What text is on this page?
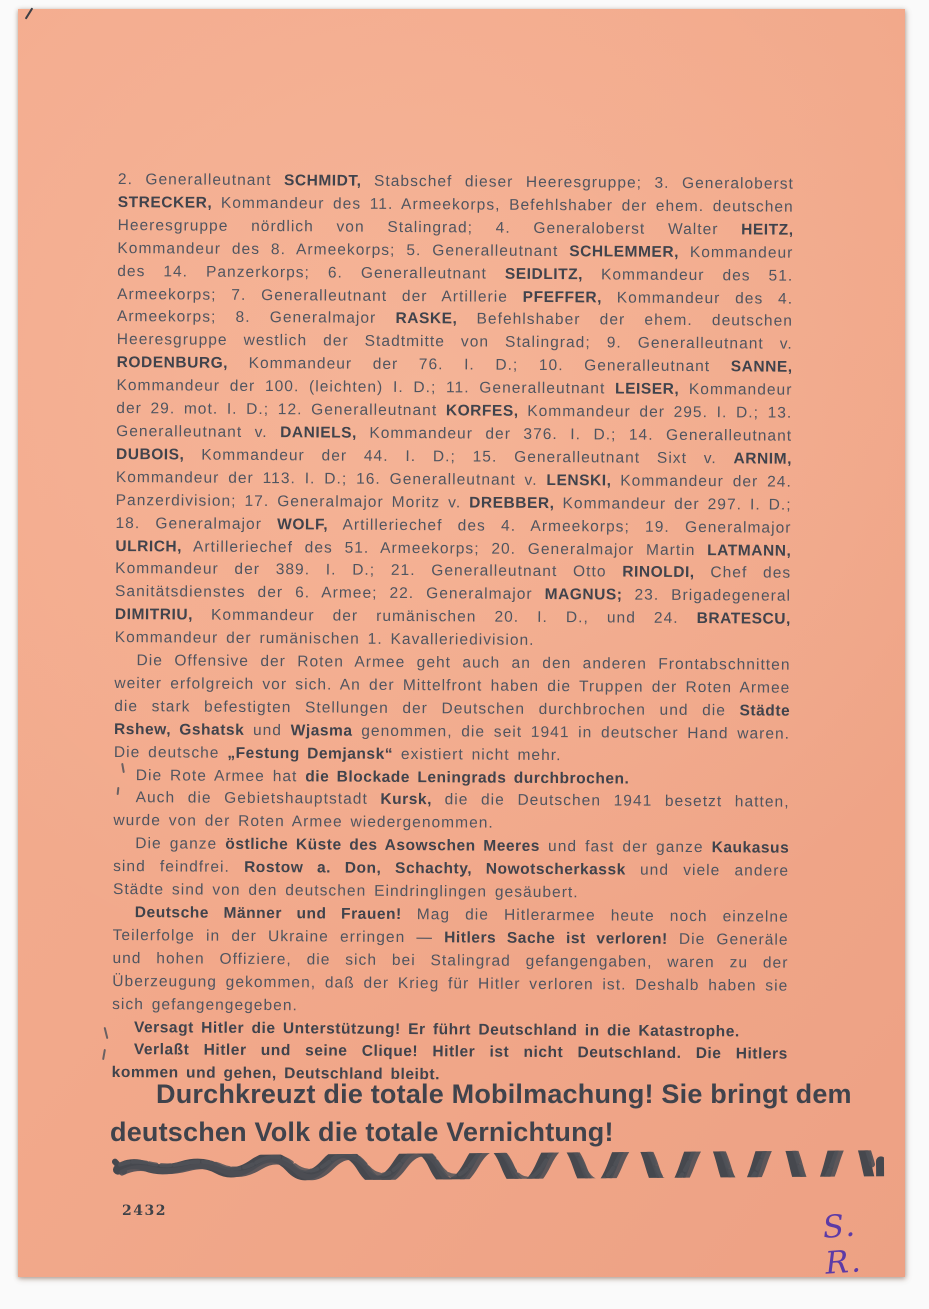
2. Generalleutnant SCHMIDT, Stabschef dieser Heeresgruppe; 3. Generaloberst STRECKER, Kommandeur des 11. Armeekorps, Befehlshaber der ehem. deutschen Heeresgruppe nördlich von Stalingrad; 4. Generaloberst Walter HEITZ, Kommandeur des 8. Armeekorps; 5. Generalleutnant SCHLEMMER, Kommandeur des 14. Panzerkorps; 6. Generalleutnant SEIDLITZ, Kommandeur des 51. Armeekorps; 7. Generalleutnant der Artillerie PFEFFER, Kommandeur des 4. Armeekorps; 8. Generalmajor RASKE, Befehlshaber der ehem. deutschen Heeresgruppe westlich der Stadtmitte von Stalingrad; 9. Generalleutnant v. RODENBURG, Kommandeur der 76. I. D.; 10. Generalleutnant SANNE, Kommandeur der 100. (leichten) I. D.; 11. Generalleutnant LEISER, Kommandeur der 29. mot. I. D.; 12. Generalleutnant KORFES, Kommandeur der 295. I. D.; 13. Generalleutnant v. DANIELS, Kommandeur der 376. I. D.; 14. Generalleutnant DUBOIS, Kommandeur der 44. I. D.; 15. Generalleutnant Sixt v. ARNIM, Kommandeur der 113. I. D.; 16. Generalleutnant v. LENSKI, Kommandeur der 24. Panzerdivision; 17. Generalmajor Moritz v. DREBBER, Kommandeur der 297. I. D.; 18. Generalmajor WOLF, Artilleriechef des 4. Armeekorps; 19. Generalmajor ULRICH, Artilleriechef des 51. Armeekorps; 20. Generalmajor Martin LATMANN, Kommandeur der 389. I. D.; 21. Generalleutnant Otto RINOLDI, Chef des Sanitätsdienstes der 6. Armee; 22. Generalmajor MAGNUS; 23. Brigadegeneral DIMITRIU, Kommandeur der rumänischen 20. I. D., und 24. BRATESCU, Kommandeur der rumänischen 1. Kavalleriedivision.

Die Offensive der Roten Armee geht auch an den anderen Frontabschnitten weiter erfolgreich vor sich. An der Mittelfront haben die Truppen der Roten Armee die stark befestigten Stellungen der Deutschen durchbrochen und die Städte Rshew, Gshatsk und Wjasma genommen, die seit 1941 in deutscher Hand waren. Die deutsche „Festung Demjansk“ existiert nicht mehr.

Die Rote Armee hat die Blockade Leningrads durchbrochen.

Auch die Gebietshauptstadt Kursk, die die Deutschen 1941 besetzt hatten, wurde von der Roten Armee wiedergenommen.

Die ganze östliche Küste des Asowschen Meeres und fast der ganze Kaukasus sind feindfrei. Rostow a. Don, Schachty, Nowotscherkassk und viele andere Städte sind von den deutschen Eindringlingen gesäubert.

Deutsche Männer und Frauen! Mag die Hitlerarmee heute noch einzelne Teilerfolge in der Ukraine erringen — Hitlers Sache ist verloren! Die Generäle und hohen Offiziere, die sich bei Stalingrad gefangengaben, waren zu der Überzeugung gekommen, daß der Krieg für Hitler verloren ist. Deshalb haben sie sich gefangengegeben.

Versagt Hitler die Unterstützung! Er führt Deutschland in die Katastrophe.

Verlaßt Hitler und seine Clique! Hitler ist nicht Deutschland. Die Hitlers kommen und gehen, Deutschland bleibt.

Durchkreuzt die totale Mobilmachung! Sie bringt dem deutschen Volk die totale Vernichtung!
2432	S. R.
